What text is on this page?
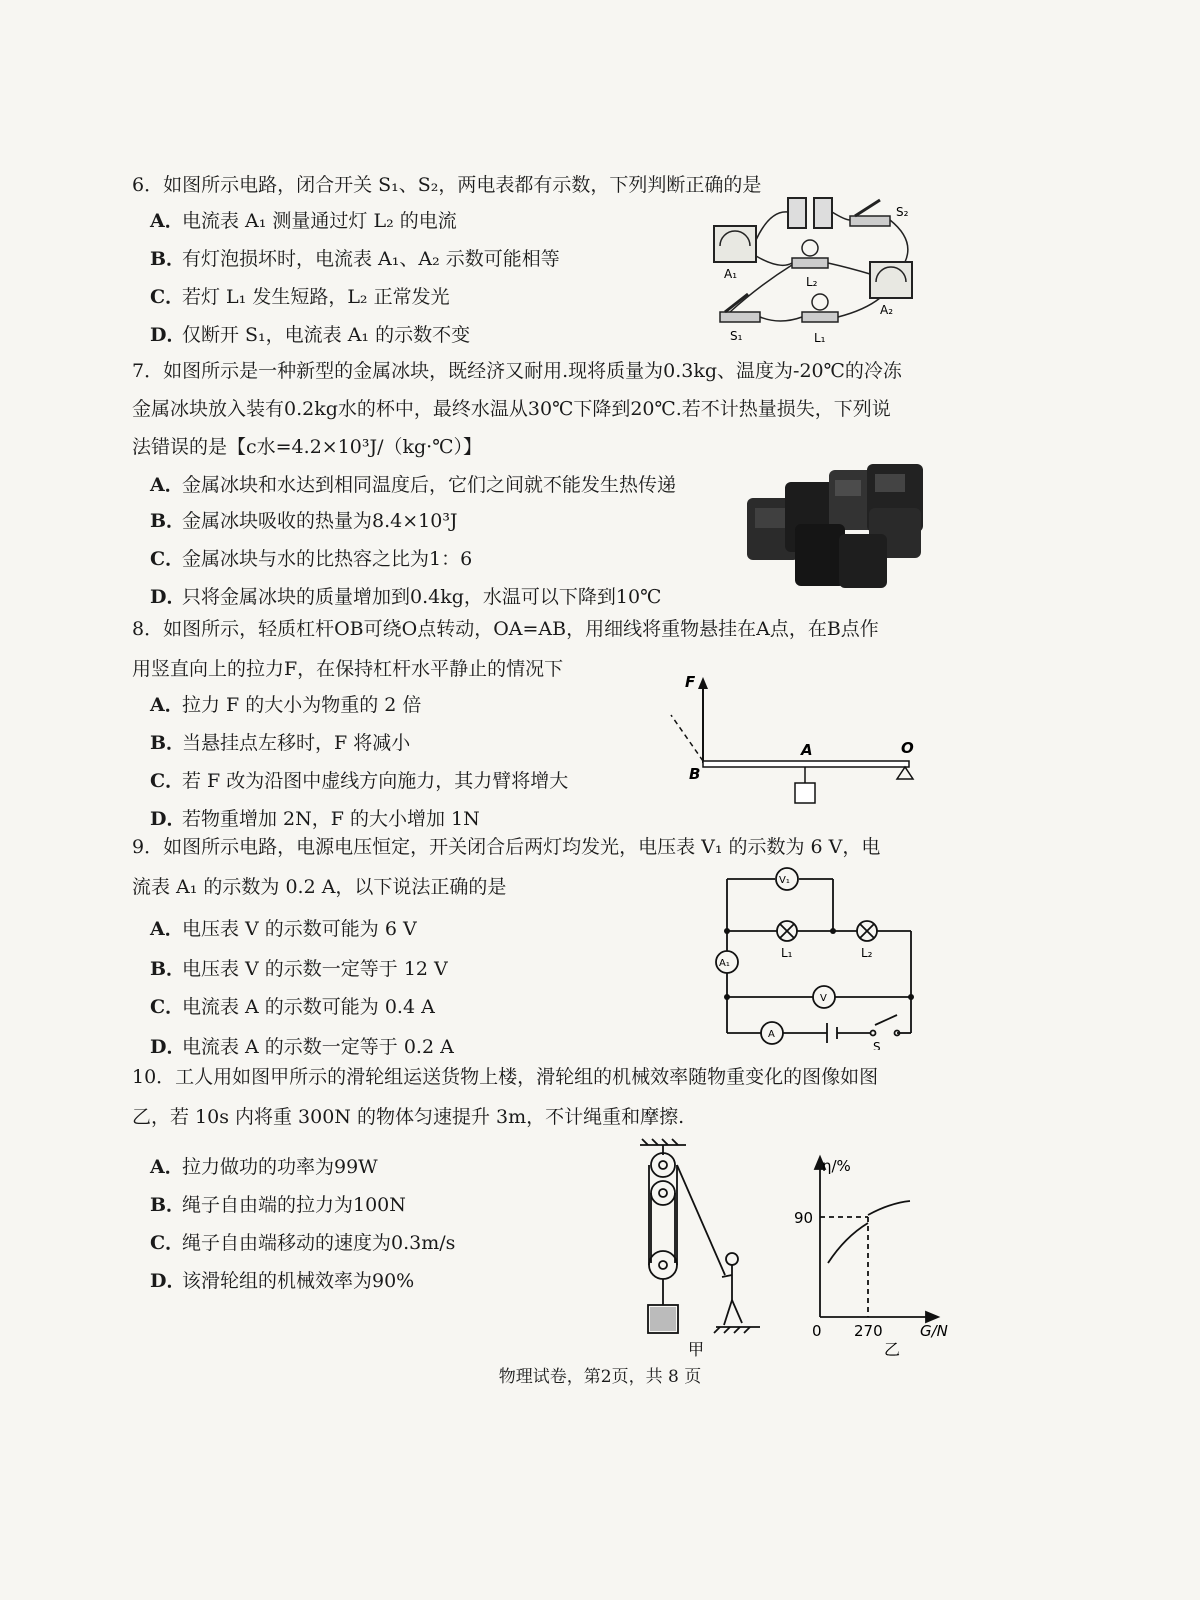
6．如图所示电路，闭合开关 S₁、S₂，两电表都有示数，下列判断正确的是
A．电流表 A₁ 测量通过灯 L₂ 的电流
B．有灯泡损坏时，电流表 A₁、A₂ 示数可能相等
C．若灯 L₁ 发生短路，L₂ 正常发光
D．仅断开 S₁，电流表 A₁ 的示数不变
A₁
A₂
S₂
L₂
S₁	L₁
7．如图所示是一种新型的金属冰块，既经济又耐用.现将质量为0.3kg、温度为-20℃的冷冻
金属冰块放入装有0.2kg水的杯中，最终水温从30℃下降到20℃.若不计热量损失，下列说
法错误的是【c水=4.2×10³J/（kg·℃）】
A．金属冰块和水达到相同温度后，它们之间就不能发生热传递
B．金属冰块吸收的热量为8.4×10³J
C．金属冰块与水的比热容之比为1：6
D．只将金属冰块的质量增加到0.4kg，水温可以下降到10℃
8．如图所示，轻质杠杆OB可绕O点转动，OA=AB，用细线将重物悬挂在A点，在B点作
用竖直向上的拉力F，在保持杠杆水平静止的情况下
A．拉力 F 的大小为物重的 2 倍
B．当悬挂点左移时，F 将减小
C．若 F 改为沿图中虚线方向施力，其力臂将增大
D．若物重增加 2N，F 的大小增加 1N
F
O
B
A
9．如图所示电路，电源电压恒定，开关闭合后两灯均发光，电压表 V₁ 的示数为 6 V，电
流表 A₁ 的示数为 0.2 A，以下说法正确的是
A．电压表 V 的示数可能为 6 V
B．电压表 V 的示数一定等于 12 V
C．电流表 A 的示数可能为 0.4 A
D．电流表 A 的示数一定等于 0.2 A
V₁
A₁
V
A
L₁	L₂
S
10．工人用如图甲所示的滑轮组运送货物上楼，滑轮组的机械效率随物重变化的图像如图
乙，若 10s 内将重 300N 的物体匀速提升 3m，不计绳重和摩擦.
A．拉力做功的功率为99W
B．绳子自由端的拉力为100N
C．绳子自由端移动的速度为0.3m/s
D．该滑轮组的机械效率为90%
甲
η/%
90
270
0	G/N
乙
物理试卷，第2页，共 8 页
